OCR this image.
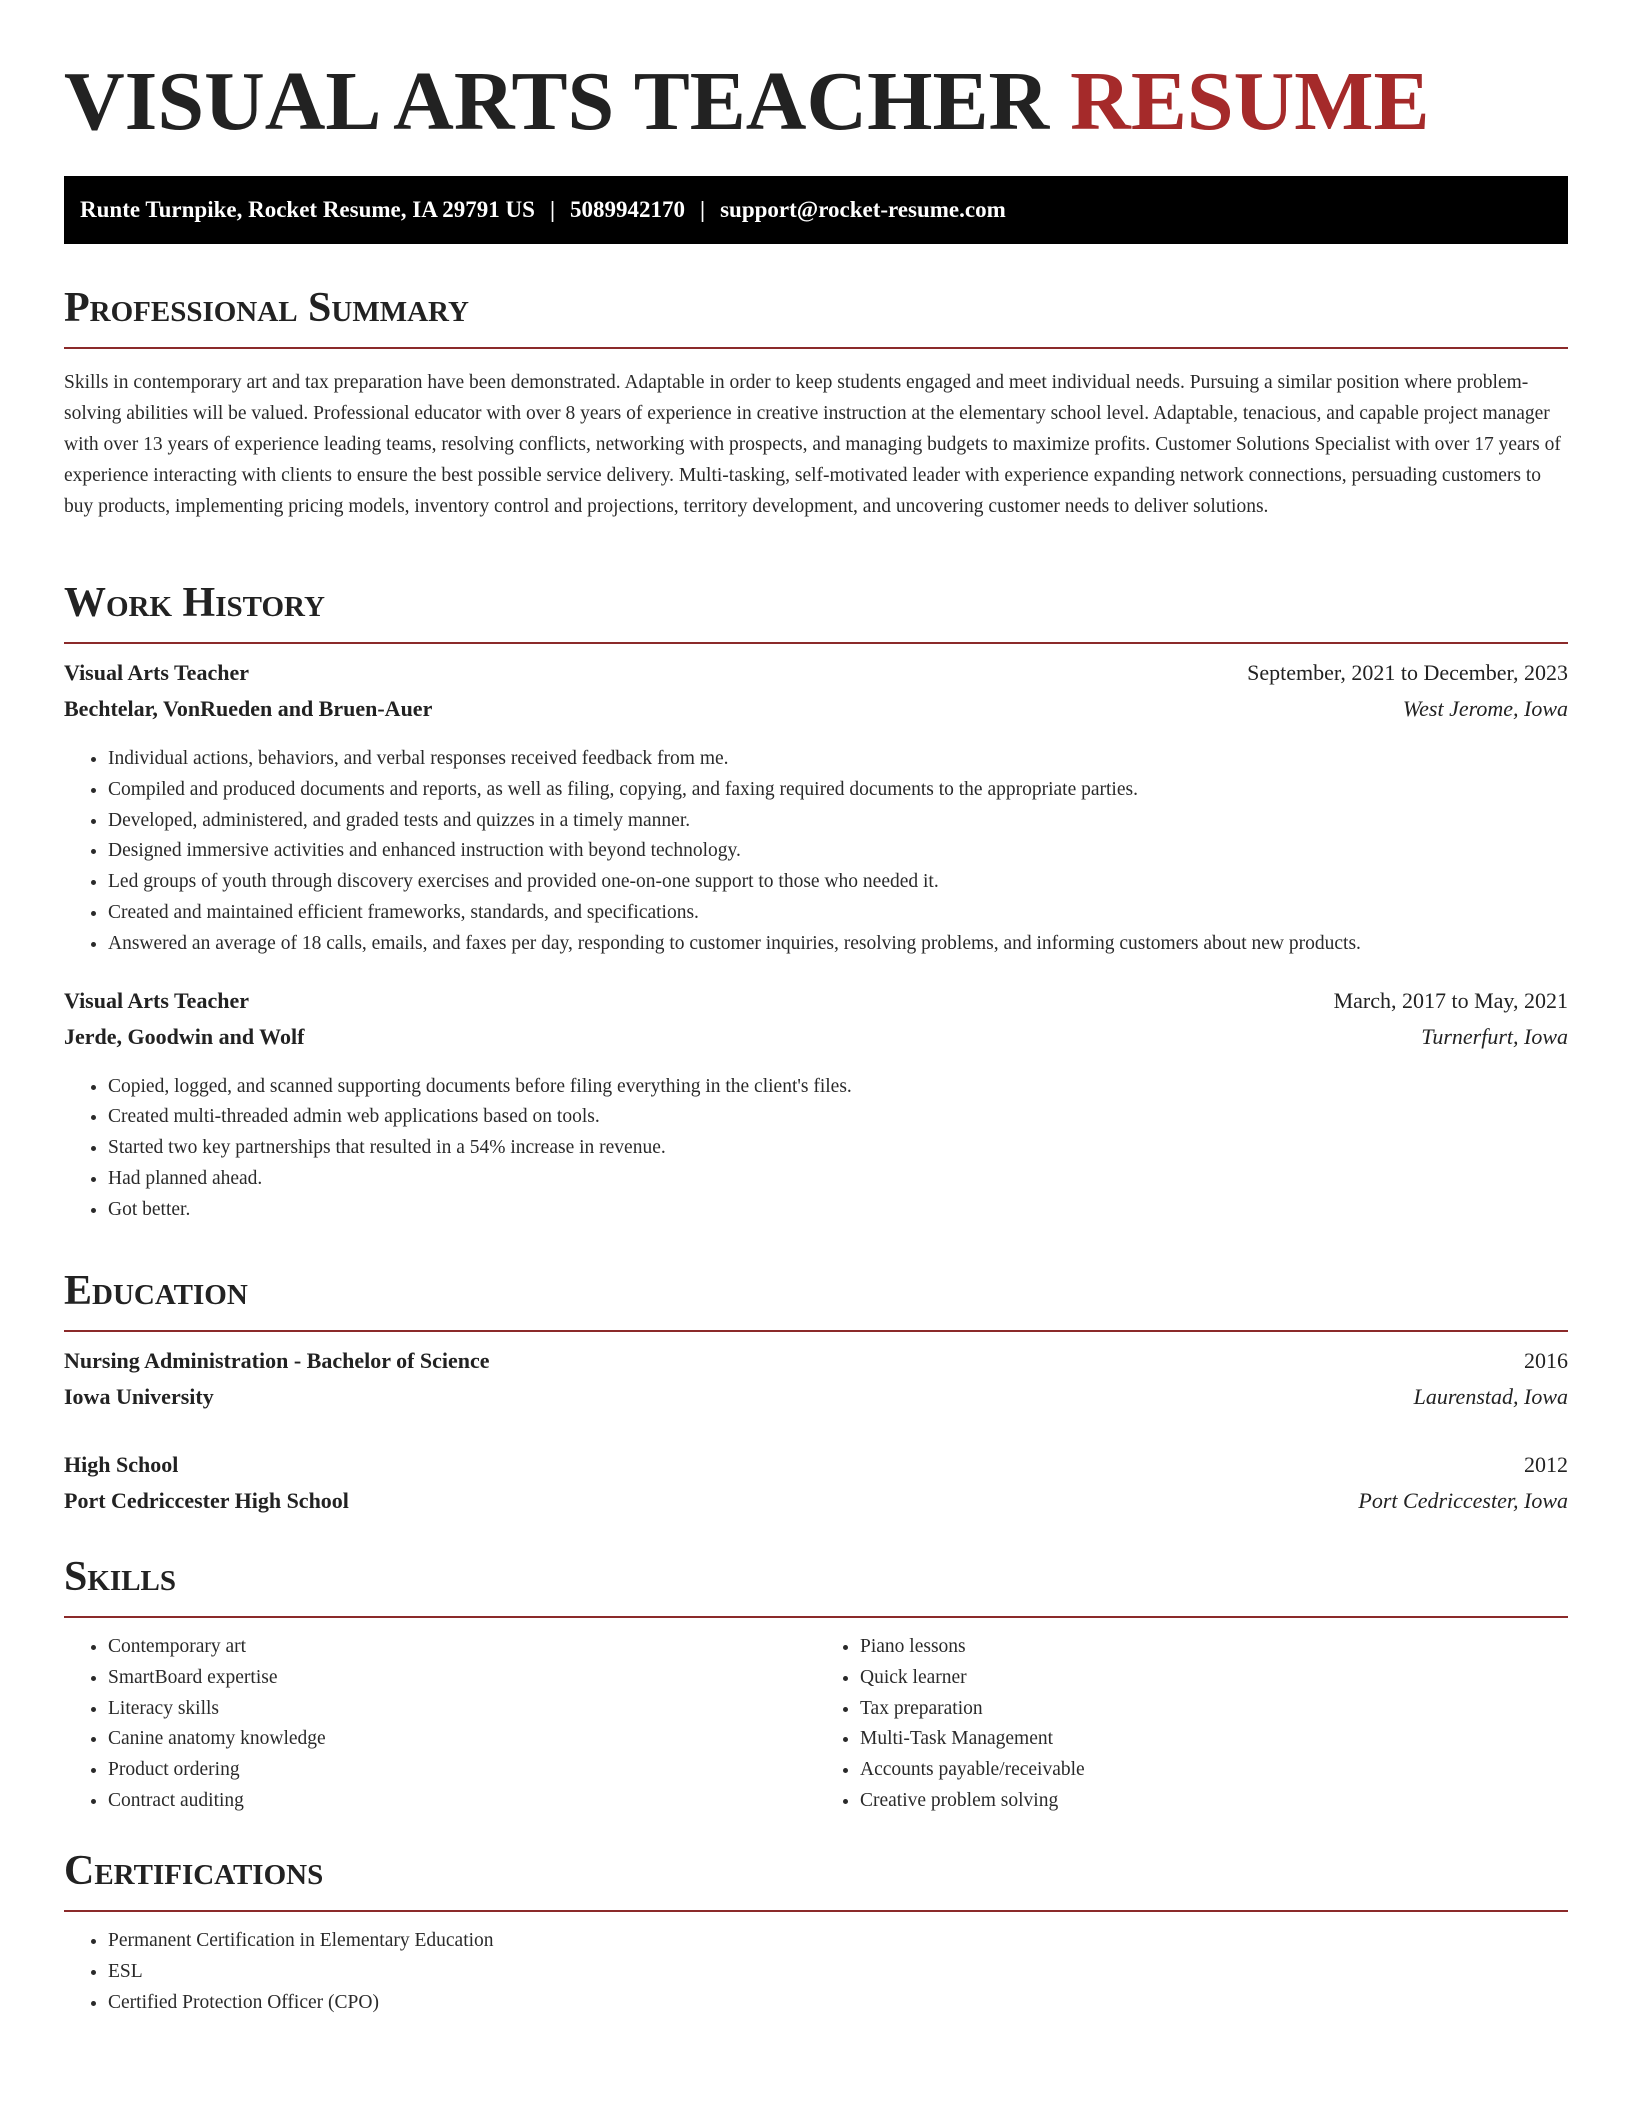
VISUAL ARTS TEACHER RESUME
Runte Turnpike, Rocket Resume, IA 29791 US | 5089942170 | support@rocket-resume.com
Professional Summary

Skills in contemporary art and tax preparation have been demonstrated. Adaptable in order to keep students engaged and meet individual needs. Pursuing a similar position where problem-solving abilities will be valued. Professional educator with over 8 years of experience in creative instruction at the elementary school level. Adaptable, tenacious, and capable project manager with over 13 years of experience leading teams, resolving conflicts, networking with prospects, and managing budgets to maximize profits. Customer Solutions Specialist with over 17 years of experience interacting with clients to ensure the best possible service delivery. Multi-tasking, self-motivated leader with experience expanding network connections, persuading customers to buy products, implementing pricing models, inventory control and projections, territory development, and uncovering customer needs to deliver solutions.

Work History
Visual Arts Teacher	September, 2021 to December, 2023
Bechtelar, VonRueden and Bruen-Auer	West Jerome, Iowa
• Individual actions, behaviors, and verbal responses received feedback from me.
• Compiled and produced documents and reports, as well as filing, copying, and faxing required documents to the appropriate parties.
• Developed, administered, and graded tests and quizzes in a timely manner.
• Designed immersive activities and enhanced instruction with beyond technology.
• Led groups of youth through discovery exercises and provided one-on-one support to those who needed it.
• Created and maintained efficient frameworks, standards, and specifications.
• Answered an average of 18 calls, emails, and faxes per day, responding to customer inquiries, resolving problems, and informing customers about new products.
Visual Arts Teacher	March, 2017 to May, 2021
Jerde, Goodwin and Wolf	Turnerfurt, Iowa
• Copied, logged, and scanned supporting documents before filing everything in the client's files.
• Created multi-threaded admin web applications based on tools.
• Started two key partnerships that resulted in a 54% increase in revenue.
• Had planned ahead.
• Got better.
Education
Nursing Administration - Bachelor of Science	2016
Iowa University	Laurenstad, Iowa
High School	2012
Port Cedriccester High School	Port Cedriccester, Iowa
Skills
• Contemporary art
• SmartBoard expertise
• Literacy skills
• Canine anatomy knowledge
• Product ordering
• Contract auditing
• Piano lessons
• Quick learner
• Tax preparation
• Multi-Task Management
• Accounts payable/receivable
• Creative problem solving
Certifications
• Permanent Certification in Elementary Education
• ESL
• Certified Protection Officer (CPO)
